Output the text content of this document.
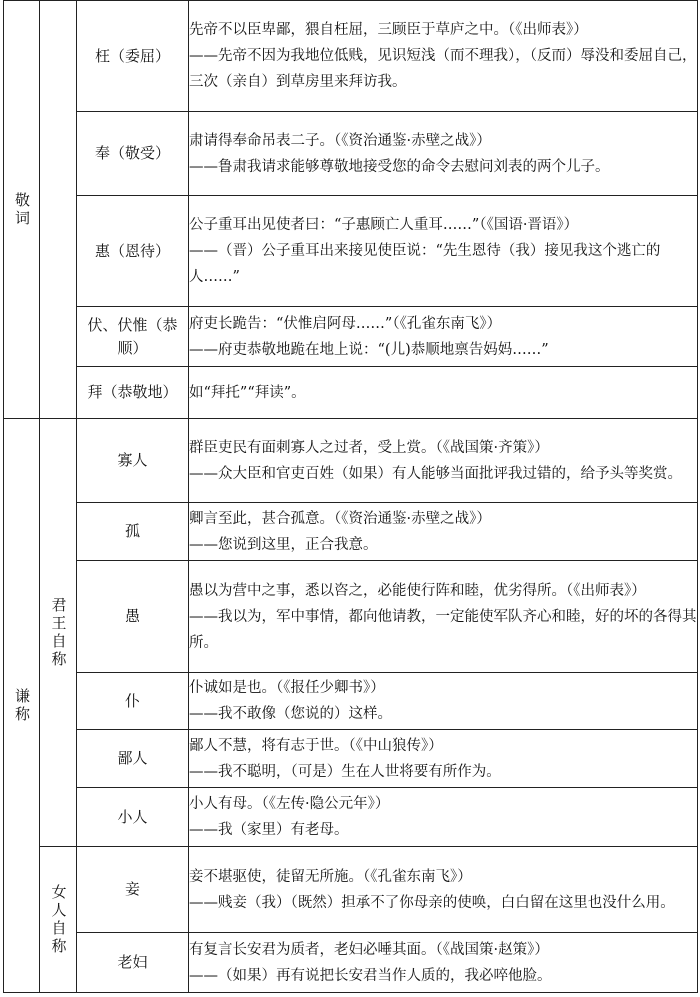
敬词		枉（委屈）	先帝不以臣卑鄙，猥自枉屈，三顾臣于草庐之中。（《出师表》）

——先帝不因为我地位低贱，见识短浅（而不理我），（反而）辱没和委屈自己，三次（亲自）到草房里来拜访我。

		奉（敬受）	肃请得奉命吊表二子。（《资治通鉴·赤壁之战》）

——鲁肃我请求能够尊敬地接受您的命令去慰问刘表的两个儿子。

		惠（恩待）	公子重耳出见使者曰：“子惠顾亡人重耳……”（《国语·晋语》）

——（晋）公子重耳出来接见使臣说：“先生恩待（我）接见我这个逃亡的人……”

		伏、伏惟（恭顺）	府吏长跪告：“伏惟启阿母……”（《孔雀东南飞》）

——府吏恭敬地跪在地上说：“(儿)恭顺地禀告妈妈……”

		拜（恭敬地）	如“拜托”“拜读”。

谦称	君王自称	寡人	群臣吏民有面刺寡人之过者，受上赏。（《战国策·齐策》）

——众大臣和官吏百姓（如果）有人能够当面批评我过错的，给予头等奖赏。

		孤	卿言至此，甚合孤意。（《资治通鉴·赤壁之战》）

——您说到这里，正合我意。

		愚	愚以为营中之事，悉以咨之，必能使行阵和睦，优劣得所。（《出师表》）

——我以为，军中事情，都向他请教，一定能使军队齐心和睦，好的坏的各得其所。

		仆	仆诚如是也。（《报任少卿书》）

——我不敢像（您说的）这样。

		鄙人	鄙人不慧，将有志于世。（《中山狼传》）

——我不聪明，（可是）生在人世将要有所作为。

		小人	小人有母。（《左传·隐公元年》）

——我（家里）有老母。

	女人自称	妾	妾不堪驱使，徒留无所施。（《孔雀东南飞》）

——贱妾（我）（既然）担承不了你母亲的使唤，白白留在这里也没什么用。

		老妇	有复言长安君为质者，老妇必唾其面。（《战国策·赵策》）

——（如果）再有说把长安君当作人质的，我必啐他脸。
